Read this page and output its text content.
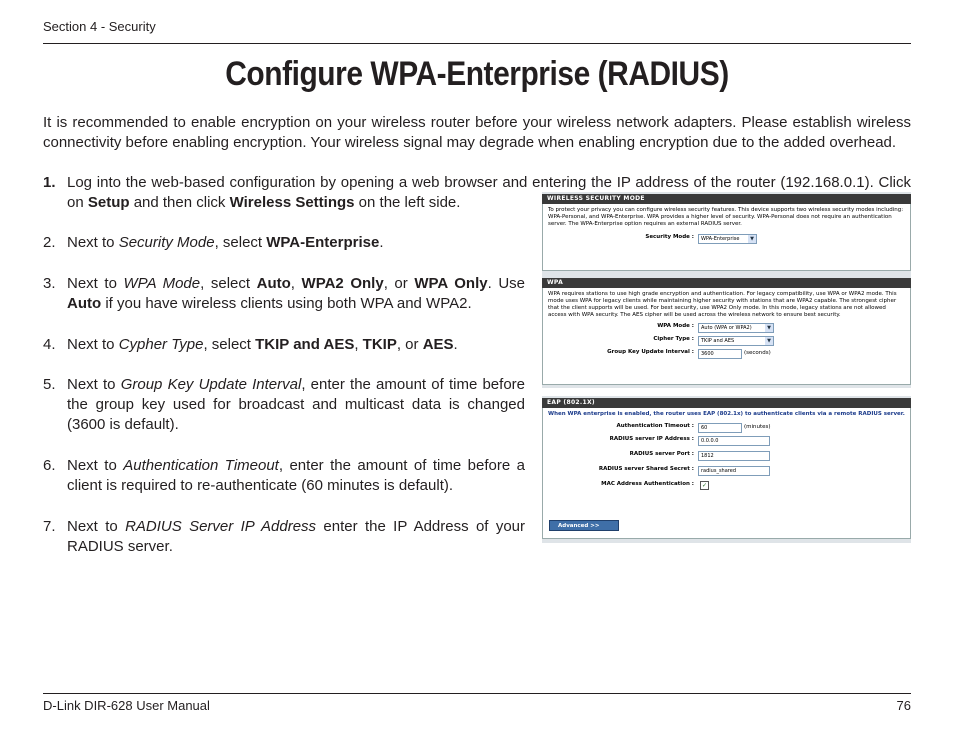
Section 4 - Security
Configure WPA-Enterprise (RADIUS)
It is recommended to enable encryption on your wireless router before your wireless network adapters. Please establish wireless connectivity before enabling encryption. Your wireless signal may degrade when enabling encryption due to the added overhead.
1. Log into the web-based configuration by opening a web browser and entering the IP address of the router (192.168.0.1). Click on Setup and then click Wireless Settings on the left side.
2. Next to Security Mode, select WPA-Enterprise.
3. Next to WPA Mode, select Auto, WPA2 Only, or WPA Only. Use Auto if you have wireless clients using both WPA and WPA2.
4. Next to Cypher Type, select TKIP and AES, TKIP, or AES.
5. Next to Group Key Update Interval, enter the amount of time before the group key used for broadcast and multicast data is changed (3600 is default).
6. Next to Authentication Timeout, enter the amount of time before a client is required to re-authenticate (60 minutes is default).
7. Next to RADIUS Server IP Address enter the IP Address of your RADIUS server.
WIRELESS SECURITY MODE
To protect your privacy you can configure wireless security features. This device supports two wireless security modes including: WPA-Personal, and WPA-Enterprise. WPA provides a higher level of security. WPA-Personal does not require an authentication server. The WPA-Enterprise option requires an external RADIUS server.
Security Mode :	WPA-Enterprise	▼
WPA
WPA requires stations to use high grade encryption and authentication. For legacy compatibility, use WPA or WPA2 mode. This mode uses WPA for legacy clients while maintaining higher security with stations that are WPA2 capable. The strongest cipher that the client supports will be used. For best security, use WPA2 Only mode. In this mode, legacy stations are not allowed access with WPA security. The AES cipher will be used across the wireless network to ensure best security.
WPA Mode :	Auto (WPA or WPA2)	▼
Cipher Type :	TKIP and AES	▼
Group Key Update Interval :	3600	(seconds)
EAP (802.1X)
When WPA enterprise is enabled, the router uses EAP (802.1x) to authenticate clients via a remote RADIUS server.
Authentication Timeout :	60	(minutes)
RADIUS server IP Address :	0.0.0.0
RADIUS server Port :	1812
RADIUS server Shared Secret :	radius_shared
MAC Address Authentication :	✓
Advanced >>
D-Link DIR-628 User Manual	76
